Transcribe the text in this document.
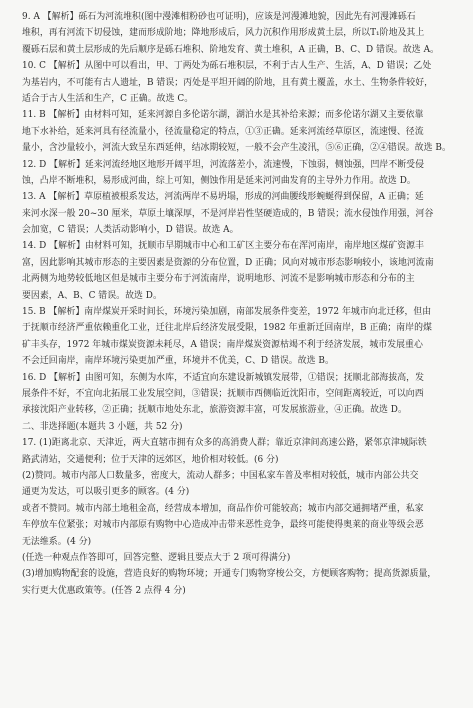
9. A 【解析】砾石为河流堆积(图中漫滩相粉砂也可证明)，应该是河漫滩地貌，因此先有河漫滩砾石
堆积，再有河流下切侵蚀，建而形成阶地；降地形成后，风力沉积作用形成黄土层，所以T₁阶地及其上
覆砾石层和黄土层形成的先后顺序是砾石堆积、阶地发育、黄土堆积，A 正确，B、C、D 错误。故选 A。
10. C 【解析】从图中可以看出，甲、丁两处为砾石堆积层，不利于古人生产、生活，A、D 错误；乙处
为基岩内，不可能有古人遗址，B 错误；丙处是平坦开阔的阶地，且有黄土覆盖，水土、生物条件较好，
适合于古人生活和生产，C 正确。故选 C。
11. B 【解析】由材料可知，延来河源自多伦诺尔湖，湖泊水是其补给来源；而多伦诺尔湖又主要依靠
地下水补给，延来河具有径流量小，径流量稳定的特点，①③正确。延来河流经草原区，流速慢、径流
量小，含沙量较小，河流大致呈东西延伸，结冰期较短，一般不会产生凌汛，⑤⑥正确，②④错误。故选 B。
12. D 【解析】延来河流经地区地形开阔平坦，河流落差小，流速慢，下蚀弱，侧蚀强，凹岸不断受侵
蚀，凸岸不断堆积，易形成河曲，综上可知，侧蚀作用是延来河河曲发育的主导外力作用。故选 D。
13. A 【解析】草原植被根系发达，河流两岸不易坍塌，形成的河曲腰线形蜿蜒得到保留，A 正确；延
来河水深一般 20~30 厘米，草原土壤深厚，不是河岸岩性坚硬造成的，B 错误；流水侵蚀作用强，河谷
会加宽，C 错误；人类活动影响小，D 错误。故选 A。
14. D 【解析】由材料可知，抚顺市早期城市中心和工矿区主要分布在浑河南岸，南岸地区煤矿资源丰
富，因此影响其城市形态的主要因素是资源的分布位置，D 正确；风向对城市形态影响较小，该地河流南
北两侧为地势较低地区但是城市主要分布于河流南岸，说明地形、河流不是影响城市形态和分布的主
要因素，A、B、C 错误。故选 D。
15. B 【解析】南岸煤炭开采时间长，环境污染加剧，南部发展条件变差，1972 年城市向北迁移，但由
于抚顺市经济严重依赖重化工业，迁往北岸后经济发展受限，1982 年重新迁回南岸，B 正确；南岸的煤
矿丰头存，1972 年城市煤炭资源未耗尽，A 错误；南岸煤炭资源枯竭不利于经济发展，城市发展重心
不会迁回南岸，南岸环境污染更加严重，环境并不优美，C、D 错误。故选 B。
16. D 【解析】由图可知，东侧为水库，不适宜向东建设新城镇发展带，①错误；抚顺北部海拔高，发
展条件不好，不宜向北拓展工业发展空间，③错误；抚顺市西侧临近沈阳市，空间距离较近，可以向西
承接沈阳产业转移，②正确；抚顺市地处东北，旅游资源丰富，可发展旅游业，④正确。故选 D。
二、非选择题(本题共 3 小题，共 52 分)
17. (1)距离北京、天津近，两大直辖市拥有众多的高消费人群；靠近京津间高速公路，紧邻京津城际铁
路武清站，交通便利；位于天津的远郊区，地价相对较低。(6 分)
(2)赞同。城市内部人口数量多，密度大，流动人群多；中国私家车普及率相对较低，城市内部公共交
通更为发达，可以吸引更多的顾客。(4 分)
或者不赞同。城市内部土地租金高，经营成本增加，商品作价可能较高；城市内部交通拥堵严重，私家
车停放车位紧张；对城市内部原有购物中心造成冲击带来恶性竞争，最终可能使得奥莱的商业等级会恶
无法维系。(4 分)
(任选一种观点作答即可，回答完整、逻辑且要点大于 2 项可得满分)
(3)增加购物配套的设施，营造良好的购物环境；开通专门购物穿梭公交，方便顾客购物；提高货源质量，
实行更大优惠政策等。(任答 2 点得 4 分)
